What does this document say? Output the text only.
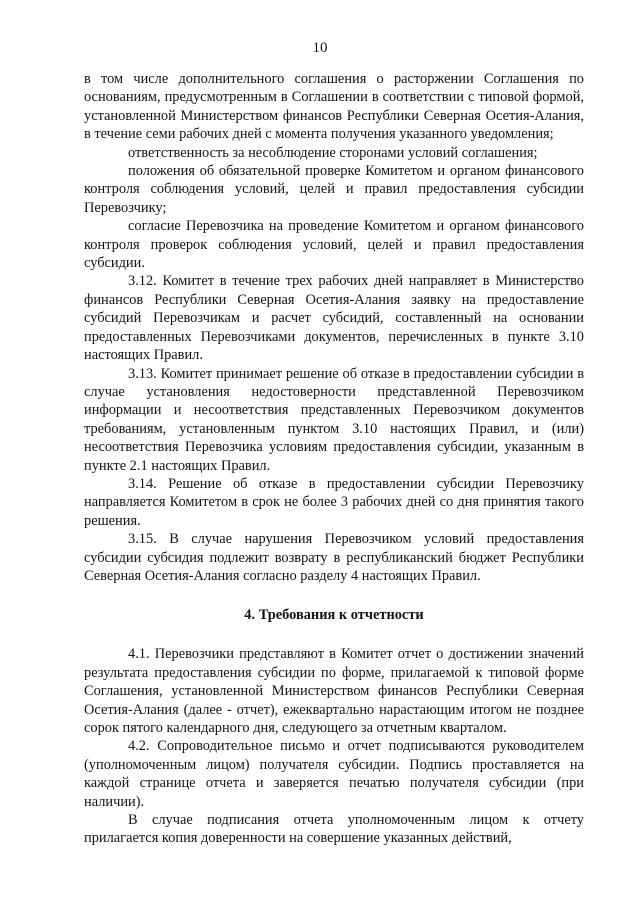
10

в том числе дополнительного соглашения о расторжении Соглашения по основаниям, предусмотренным в Соглашении в соответствии с типовой формой, установленной Министерством финансов Республики Северная Осетия-Алания, в течение семи рабочих дней с момента получения указанного уведомления;

ответственность за несоблюдение сторонами условий соглашения;

положения об обязательной проверке Комитетом и органом финансового контроля соблюдения условий, целей и правил предоставления субсидии Перевозчику;

согласие Перевозчика на проведение Комитетом и органом финансового контроля проверок соблюдения условий, целей и правил предоставления субсидии.

3.12. Комитет в течение трех рабочих дней направляет в Министерство финансов Республики Северная Осетия-Алания заявку на предоставление субсидий Перевозчикам и расчет субсидий, составленный на основании предоставленных Перевозчиками документов, перечисленных в пункте 3.10 настоящих Правил.

3.13. Комитет принимает решение об отказе в предоставлении субсидии в случае установления недостоверности представленной Перевозчиком информации и несоответствия представленных Перевозчиком документов требованиям, установленным пунктом 3.10 настоящих Правил, и (или) несоответствия Перевозчика условиям предоставления субсидии, указанным в пункте 2.1 настоящих Правил.

3.14. Решение об отказе в предоставлении субсидии Перевозчику направляется Комитетом в срок не более 3 рабочих дней со дня принятия такого решения.

3.15. В случае нарушения Перевозчиком условий предоставления субсидии субсидия подлежит возврату в республиканский бюджет Республики Северная Осетия-Алания согласно разделу 4 настоящих Правил.

4. Требования к отчетности

4.1. Перевозчики представляют в Комитет отчет о достижении значений результата предоставления субсидии по форме, прилагаемой к типовой форме Соглашения, установленной Министерством финансов Республики Северная Осетия-Алания (далее - отчет), ежеквартально нарастающим итогом не позднее сорок пятого календарного дня, следующего за отчетным кварталом.

4.2. Сопроводительное письмо и отчет подписываются руководителем (уполномоченным лицом) получателя субсидии. Подпись проставляется на каждой странице отчета и заверяется печатью получателя субсидии (при наличии).

В случае подписания отчета уполномоченным лицом к отчету прилагается копия доверенности на совершение указанных действий,
